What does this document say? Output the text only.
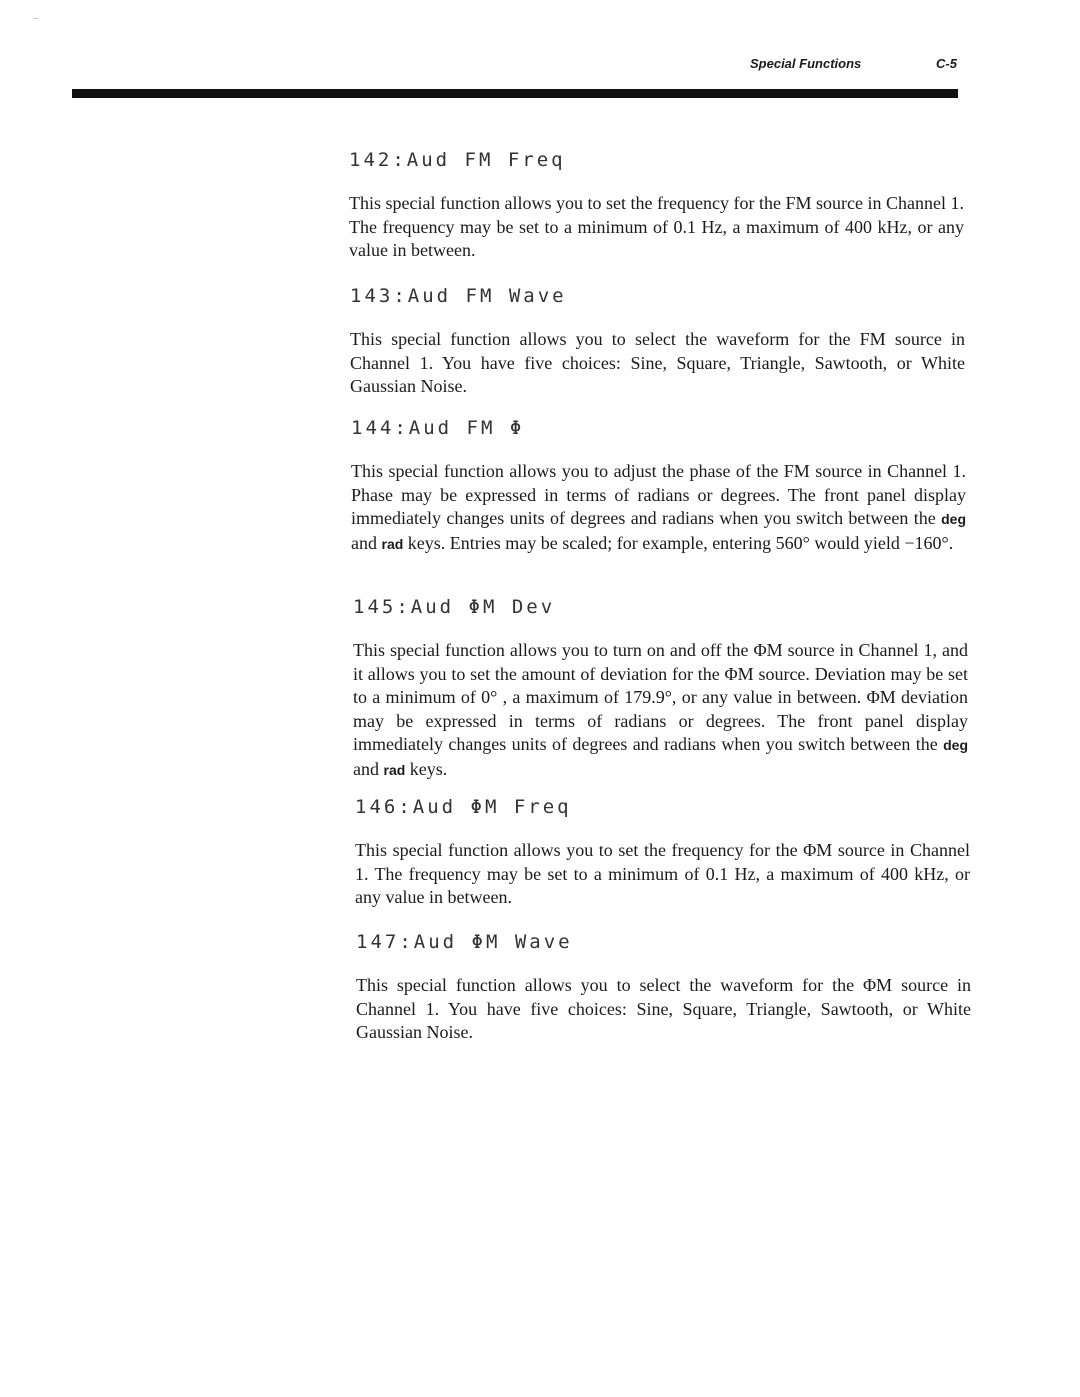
Special Functions	C-5
142:Aud FM Freq

This special function allows you to set the frequency for the FM source in Channel 1. The frequency may be set to a minimum of 0.1 Hz, a maximum of 400 kHz, or any value in between.

143:Aud FM Wave

This special function allows you to select the waveform for the FM source in Channel 1. You have five choices: Sine, Square, Triangle, Sawtooth, or White Gaussian Noise.

144:Aud FM Φ

This special function allows you to adjust the phase of the FM source in Channel 1. Phase may be expressed in terms of radians or degrees. The front panel display immediately changes units of degrees and radians when you switch between the deg and rad keys. Entries may be scaled; for example, entering 560° would yield −160°.

145:Aud ΦM Dev

This special function allows you to turn on and off the ΦM source in Channel 1, and it allows you to set the amount of deviation for the ΦM source. Deviation may be set to a minimum of 0° , a maximum of 179.9°, or any value in between. ΦM deviation may be expressed in terms of radians or degrees. The front panel display immediately changes units of degrees and radians when you switch between the deg and rad keys.

146:Aud ΦM Freq

This special function allows you to set the frequency for the ΦM source in Channel 1. The frequency may be set to a minimum of 0.1 Hz, a maximum of 400 kHz, or any value in between.

147:Aud ΦM Wave

This special function allows you to select the waveform for the ΦM source in Channel 1. You have five choices: Sine, Square, Triangle, Sawtooth, or White Gaussian Noise.
